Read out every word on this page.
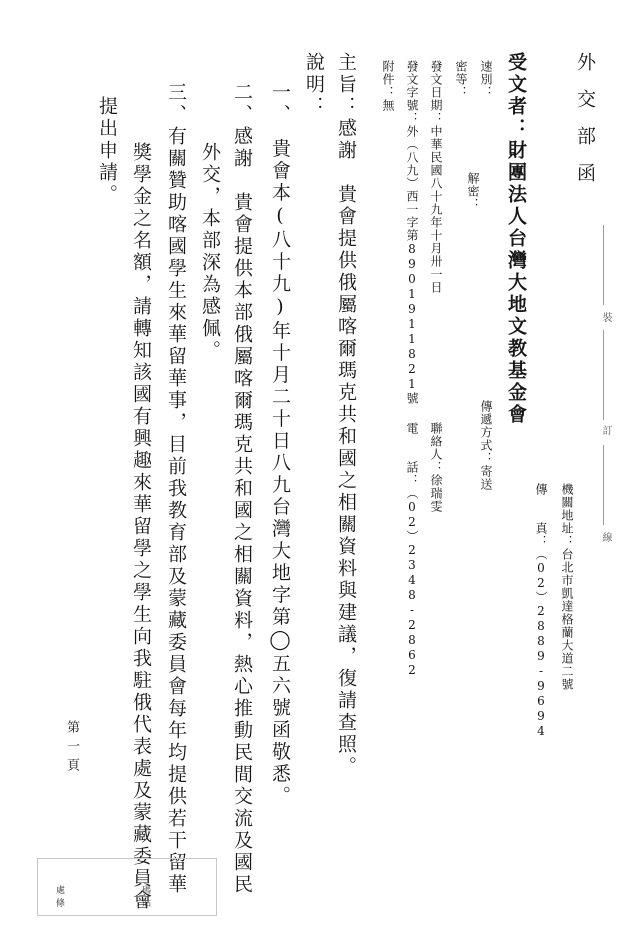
外交部函
機關地址：台北市凱達格蘭大道二號
傳　　真：（02）2889-9694
受文者：財團法人台灣大地文教基金會
速別：
密等：
解密：
發文日期：中華民國八十九年十月卅一日
發文字號：外（八九）西一字第8901911821號
附件：無
傳遞方式：寄送
聯絡人：徐瑞雯
電　　話：（02）2348-2862
主旨：感謝　貴會提供俄屬喀爾瑪克共和國之相關資料與建議，復請查照。
說明：
一、　貴會本(八十九)年十月二十日八九台灣大地字第◯五六號函敬悉。
二、感謝　貴會提供本部俄屬喀爾瑪克共和國之相關資料，熱心推動民間交流及國民
外交，本部深為感佩。
三、有關贊助喀國學生來華留華事，目前我教育部及蒙藏委員會每年均提供若干留華
獎學金之名額，請轉知該國有興趣來華留學之學生向我駐俄代表處及蒙藏委員會
提出申請。
第一頁
裝
訂
線
處　碼　條　貼
